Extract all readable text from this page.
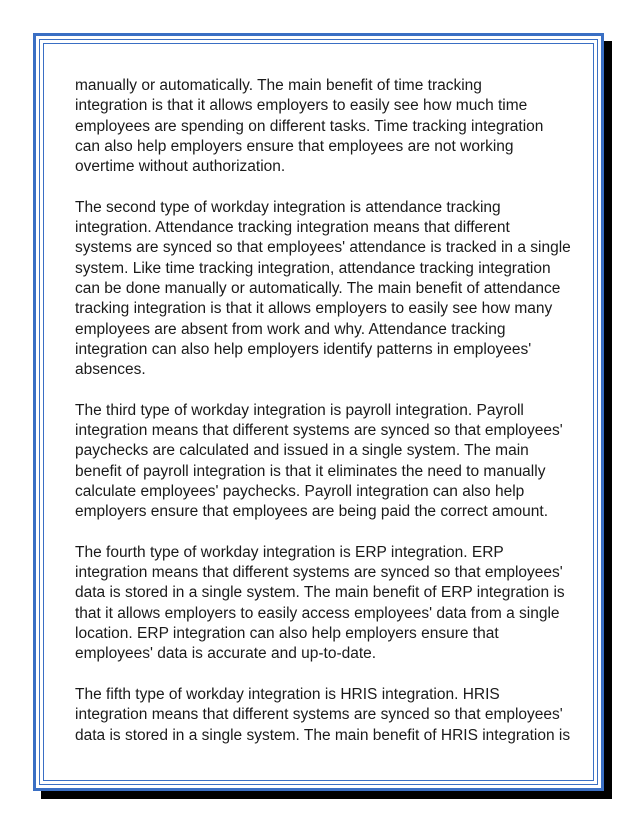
manually or automatically. The main benefit of time tracking
integration is that it allows employers to easily see how much time
employees are spending on different tasks. Time tracking integration
can also help employers ensure that employees are not working
overtime without authorization.

The second type of workday integration is attendance tracking
integration. Attendance tracking integration means that different
systems are synced so that employees' attendance is tracked in a single
system. Like time tracking integration, attendance tracking integration
can be done manually or automatically. The main benefit of attendance
tracking integration is that it allows employers to easily see how many
employees are absent from work and why. Attendance tracking
integration can also help employers identify patterns in employees'
absences.

The third type of workday integration is payroll integration. Payroll
integration means that different systems are synced so that employees'
paychecks are calculated and issued in a single system. The main
benefit of payroll integration is that it eliminates the need to manually
calculate employees' paychecks. Payroll integration can also help
employers ensure that employees are being paid the correct amount.

The fourth type of workday integration is ERP integration. ERP
integration means that different systems are synced so that employees'
data is stored in a single system. The main benefit of ERP integration is
that it allows employers to easily access employees' data from a single
location. ERP integration can also help employers ensure that
employees' data is accurate and up-to-date.

The fifth type of workday integration is HRIS integration. HRIS
integration means that different systems are synced so that employees'
data is stored in a single system. The main benefit of HRIS integration is
